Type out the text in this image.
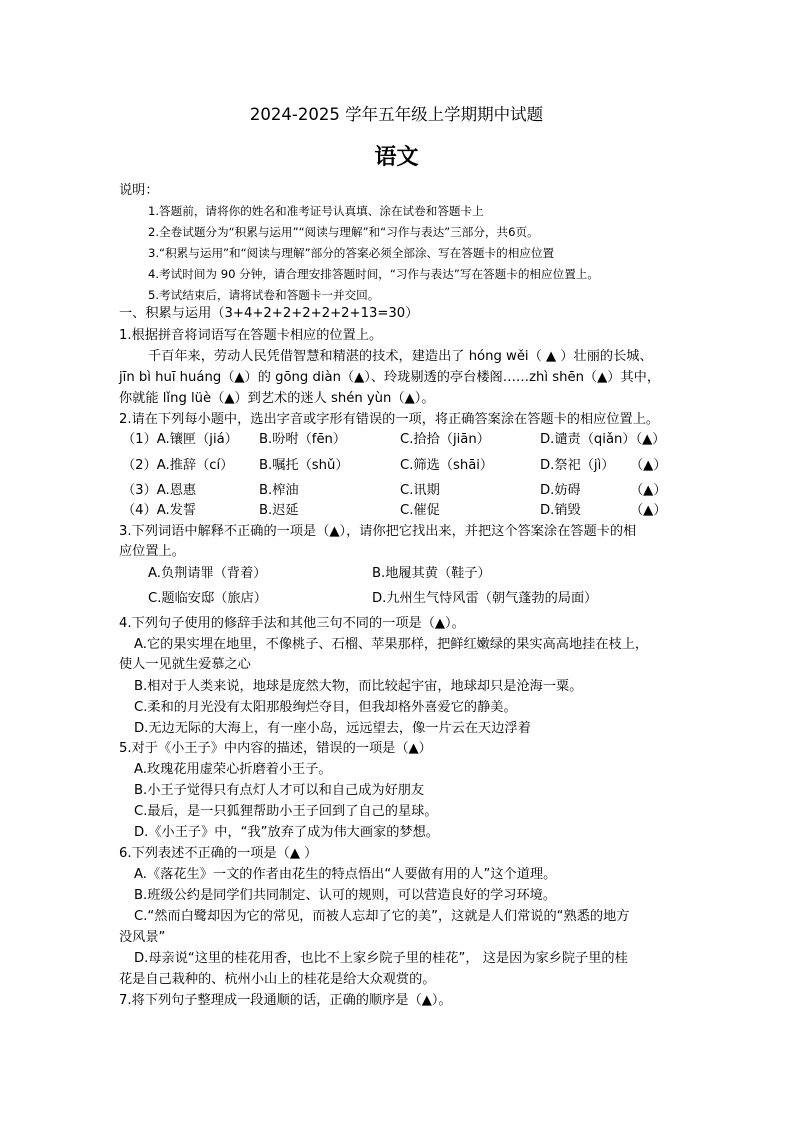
2024-2025 学年五年级上学期期中试题
语文
说明：
1.答题前，请将你的姓名和准考证号认真填、涂在试卷和答题卡上
2.全卷试题分为“积累与运用”“阅读与理解”和“习作与表达”三部分，共6页。
3.“积累与运用”和“阅读与理解”部分的答案必须全部涂、写在答题卡的相应位置
4.考试时间为 90 分钟，请合理安排答题时间，“习作与表达”写在答题卡的相应位置上。
5.考试结束后，请将试卷和答题卡一并交回。
一、积累与运用（3+4+2+2+2+2+2+13=30）
1.根据拼音将词语写在答题卡相应的位置上。
千百年来，劳动人民凭借智慧和精湛的技术，建造出了 hóng wěi（ ▲ ）壮丽的长城、
jīn bì huī huáng（▲）的 gōng diàn（▲）、玲珑剔透的亭台楼阁……zhì shēn（▲）其中，
你就能 lǐng lüè（▲）到艺术的迷人 shén yùn（▲）。
2.请在下列每小题中，选出字音或字形有错误的一项，将正确答案涂在答题卡的相应位置上。
（1）A.镶匣（jiá） B.吩咐（fēn）	C.拾拾（jiān）	D.谴责（qiǎn）（▲）
（2）A.推辞（cí） B.嘱托（shǔ）	C.筛选（shāi）	D.祭祀（jì） （▲）
（3）A.恩惠	B.榨油	C.讯期	D.妨碍	（▲）
（4）A.发誓	B.迟延	C.催促	D.销毁	（▲）
3.下列词语中解释不正确的一项是（▲），请你把它找出来，并把这个答案涂在答题卡的相
应位置上。
A.负荆请罪（背着）	B.地履其黄（鞋子）
C.题临安邸（旅店）	D.九州生气恃风雷（朝气蓬勃的局面）
4.下列句子使用的修辞手法和其他三句不同的一项是（▲）。
A.它的果实埋在地里，不像桃子、石榴、苹果那样，把鲜红嫩绿的果实高高地挂在枝上，
使人一见就生爱慕之心
B.相对于人类来说，地球是庞然大物，而比较起宇宙，地球却只是沧海一粟。
C.柔和的月光没有太阳那般绚烂夺目，但我却格外喜爱它的静美。
D.无边无际的大海上，有一座小岛，远远望去，像一片云在天边浮着
5.对于《小王子》中内容的描述，错误的一项是（▲）
A.玫瑰花用虚荣心折磨着小王子。
B.小王子觉得只有点灯人才可以和自己成为好朋友
C.最后，是一只狐狸帮助小王子回到了自己的星球。
D.《小王子》中，“我”放弃了成为伟大画家的梦想。
6.下列表述不正确的一项是（▲ ）
A.《落花生》一文的作者由花生的特点悟出“人要做有用的人”这个道理。
B.班级公约是同学们共同制定、认可的规则，可以营造良好的学习环境。
C.“然而白鹭却因为它的常见，而被人忘却了它的美”，这就是人们常说的“熟悉的地方
没风景”
D.母亲说“这里的桂花用香，也比不上家乡院子里的桂花”， 这是因为家乡院子里的桂
花是自己栽种的、杭州小山上的桂花是给大众观赏的。
7.将下列句子整理成一段通顺的话，正确的顺序是（▲）。
